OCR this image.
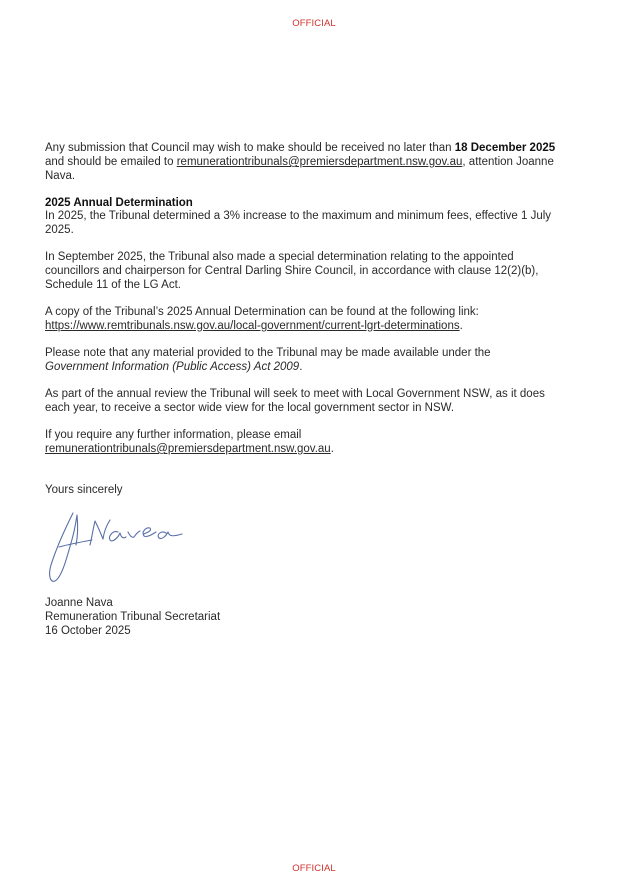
OFFICIAL

Any submission that Council may wish to make should be received no later than 18 December 2025 and should be emailed to remunerationtribunals@premiersdepartment.nsw.gov.au, attention Joanne Nava.

2025 Annual Determination
In 2025, the Tribunal determined a 3% increase to the maximum and minimum fees, effective 1 July 2025.
In September 2025, the Tribunal also made a special determination relating to the appointed councillors and chairperson for Central Darling Shire Council, in accordance with clause 12(2)(b), Schedule 11 of the LG Act.

A copy of the Tribunal’s 2025 Annual Determination can be found at the following link:
https://www.remtribunals.nsw.gov.au/local-government/current-lgrt-determinations.

Please note that any material provided to the Tribunal may be made available under the
Government Information (Public Access) Act 2009.

As part of the annual review the Tribunal will seek to meet with Local Government NSW, as it does each year, to receive a sector wide view for the local government sector in NSW.

If you require any further information, please email
remunerationtribunals@premiersdepartment.nsw.gov.au.

Yours sincerely

Joanne Nava

Remuneration Tribunal Secretariat

16 October 2025

OFFICIAL
